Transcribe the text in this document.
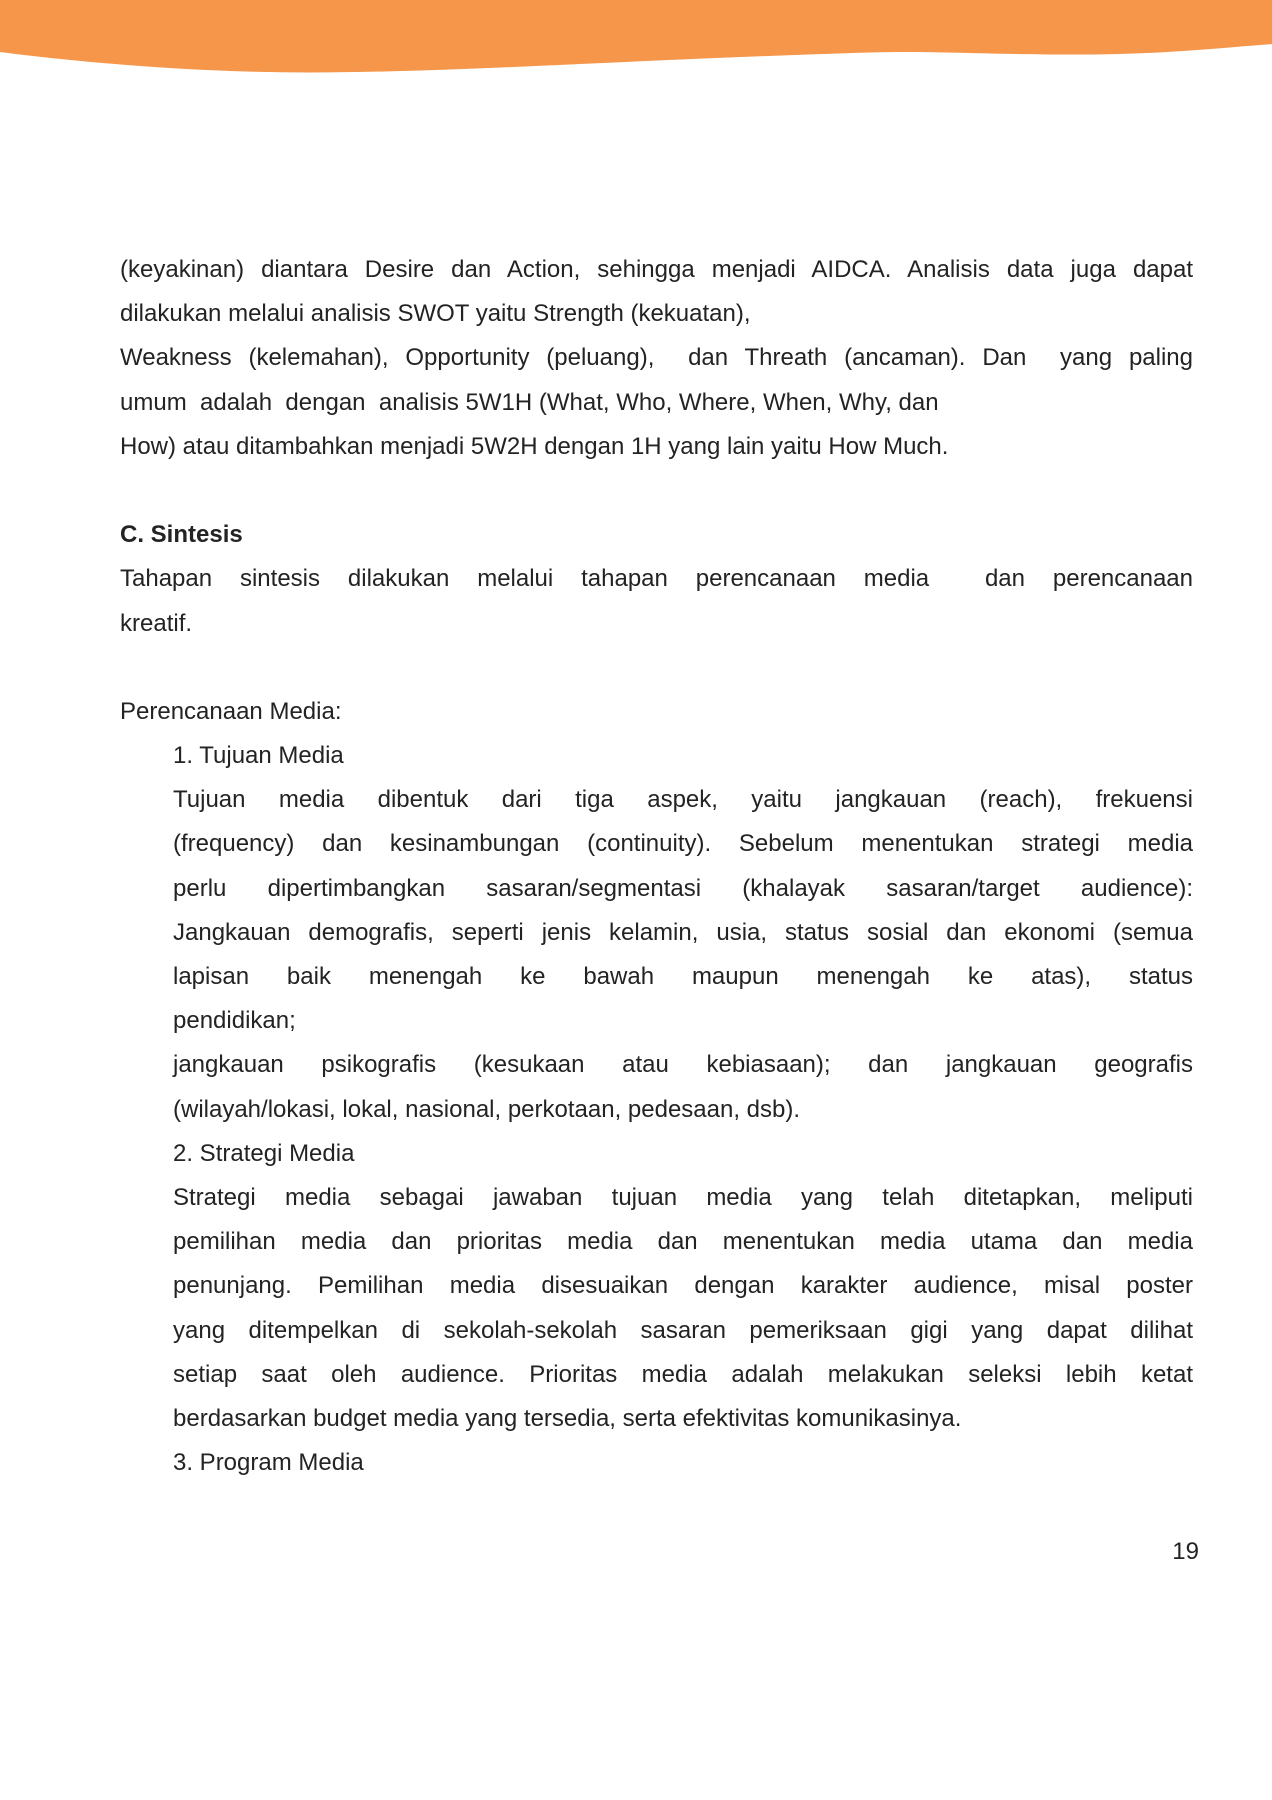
(keyakinan) diantara Desire dan Action, sehingga menjadi AIDCA. Analisis data juga dapat
dilakukan melalui analisis SWOT yaitu Strength (kekuatan),
Weakness (kelemahan), Opportunity (peluang),  dan Threath (ancaman). Dan  yang paling
umum  adalah  dengan  analisis 5W1H (What, Who, Where, When, Why, dan
How) atau ditambahkan menjadi 5W2H dengan 1H yang lain yaitu How Much.
C. Sintesis
Tahapan sintesis dilakukan melalui tahapan perencanaan media  dan perencanaan
kreatif.
Perencanaan Media:
1. Tujuan Media
Tujuan media dibentuk dari tiga aspek, yaitu jangkauan (reach), frekuensi
(frequency) dan kesinambungan (continuity). Sebelum menentukan strategi media
perlu dipertimbangkan sasaran/segmentasi (khalayak sasaran/target audience):
Jangkauan demografis, seperti jenis kelamin, usia, status sosial dan ekonomi (semua
lapisan baik menengah ke bawah maupun menengah ke atas), status
pendidikan;
jangkauan psikografis (kesukaan atau kebiasaan); dan jangkauan geografis
(wilayah/lokasi, lokal, nasional, perkotaan, pedesaan, dsb).
2. Strategi Media
Strategi media sebagai jawaban tujuan media yang telah ditetapkan, meliputi
pemilihan media dan prioritas media dan menentukan media utama dan media
penunjang. Pemilihan media disesuaikan dengan karakter audience, misal poster
yang ditempelkan di sekolah-sekolah sasaran pemeriksaan gigi yang dapat dilihat
setiap saat oleh audience. Prioritas media adalah melakukan seleksi lebih ketat
berdasarkan budget media yang tersedia, serta efektivitas komunikasinya.
3. Program Media
19
